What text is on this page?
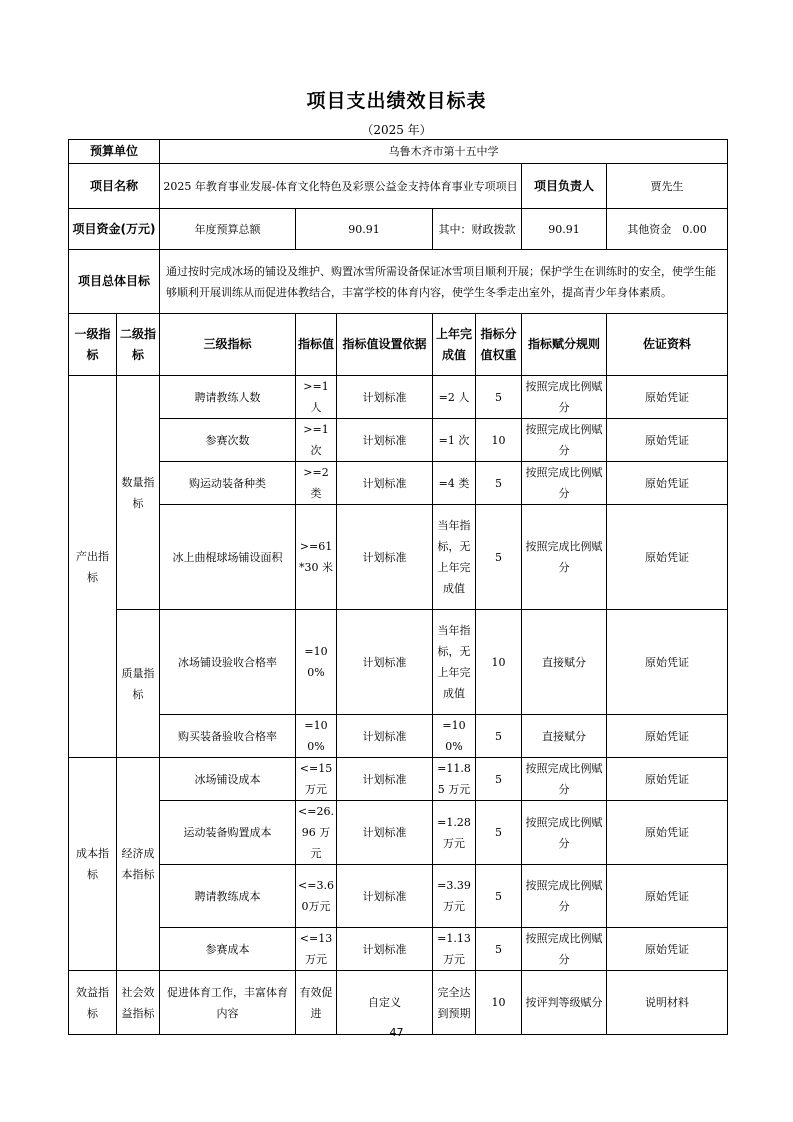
项目支出绩效目标表
（2025 年）
预算单位		乌鲁木齐市第十五中学						
项目名称		2025 年教育事业发展-体育文化特色及彩票公益金支持体育事业专项项目					项目负责人	贾先生
项目资金(万元)		年度预算总额	90.91		其中：财政拨款		90.91	其他资金　 0.00
项目总体目标		通过按时完成冰场的铺设及维护、购置冰雪所需设备保证冰雪项目顺利开展；保护学生在训练时的安全，使学生能够顺利开展训练从而促进体教结合，丰富学校的体育内容，使学生冬季走出室外，提高青少年身体素质。						
一级指标	二级指标	三级指标	指标值	指标值设置依据	上年完成值	指标分值权重	指标赋分规则	佐证资料
产出指标	数量指标	聘请教练人数	>=1人	计划标准	=2 人	5	按照完成比例赋分	原始凭证
		参赛次数	>=1次	计划标准	=1 次	10	按照完成比例赋分	原始凭证
		购运动装备种类	>=2类	计划标准	=4 类	5	按照完成比例赋分	原始凭证
		冰上曲棍球场铺设面积	>=61*30 米	计划标准	当年指标，无上年完成值	5	按照完成比例赋分	原始凭证
	质量指标	冰场铺设验收合格率	=100%	计划标准	当年指标，无上年完成值	10	直接赋分	原始凭证
		购买装备验收合格率	=100%	计划标准	=100%	5	直接赋分	原始凭证
成本指标	经济成本指标	冰场铺设成本	<=15万元	计划标准	=11.85 万元	5	按照完成比例赋分	原始凭证
		运动装备购置成本	<=26.96 万元	计划标准	=1.28万元	5	按照完成比例赋分	原始凭证
		聘请教练成本	<=3.60万元	计划标准	=3.39万元	5	按照完成比例赋分	原始凭证
		参赛成本	<=13万元	计划标准	=1.13万元	5	按照完成比例赋分	原始凭证
效益指标	社会效益指标	促进体育工作，丰富体育内容	有效促进	自定义	完全达到预期	10	按评判等级赋分	说明材料
47
